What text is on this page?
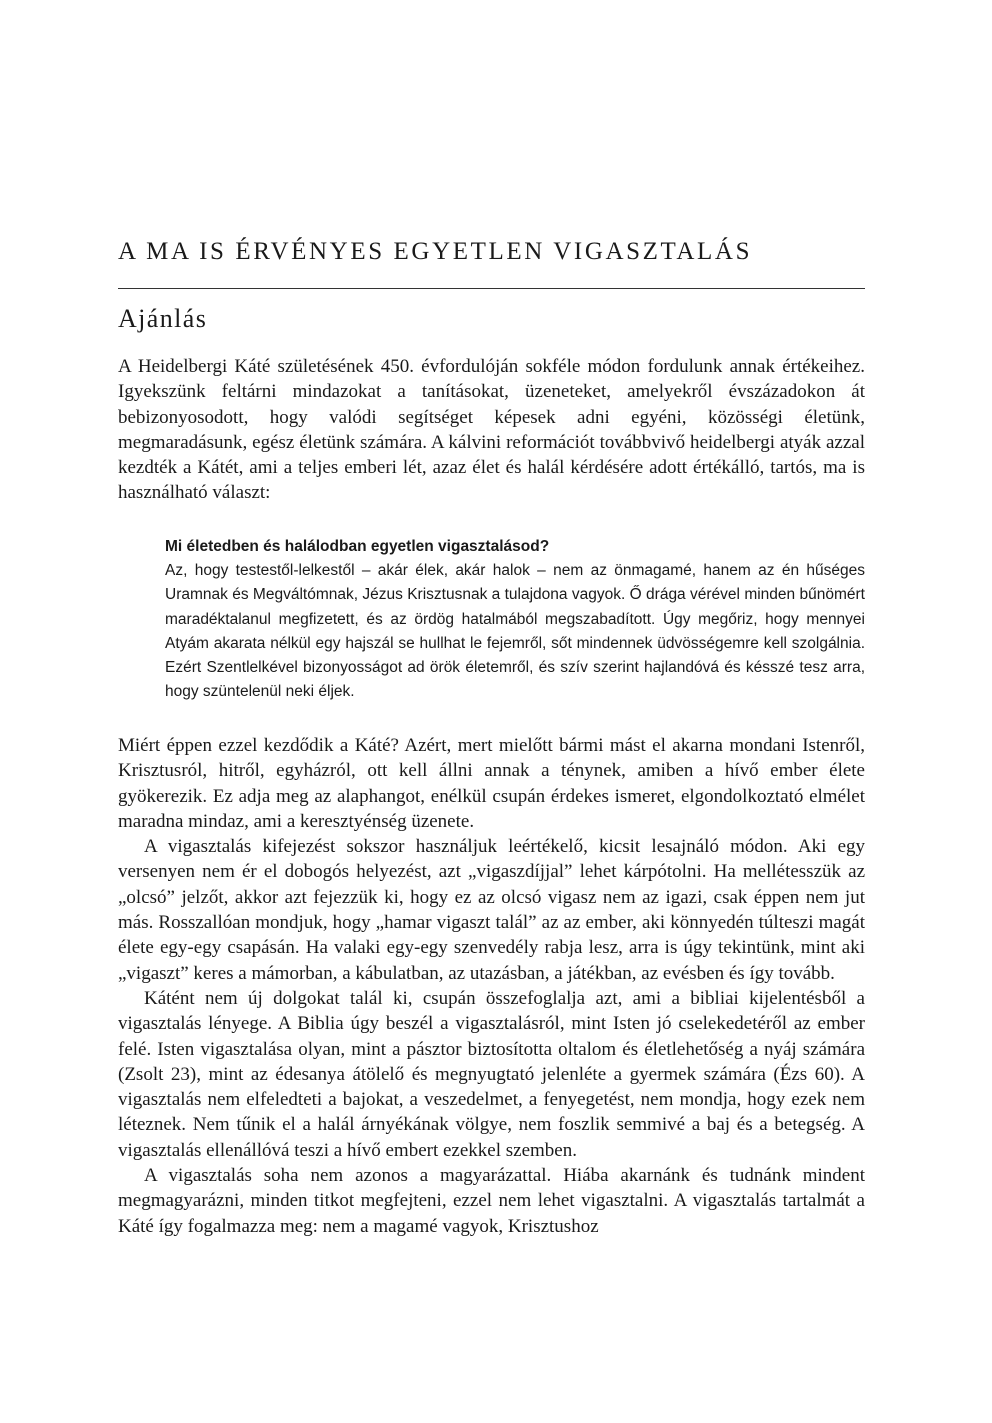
A MA IS ÉRVÉNYES EGYETLEN VIGASZTALÁS
Ajánlás

A Heidelbergi Káté születésének 450. évfordulóján sokféle módon fordulunk annak értékeihez. Igyekszünk feltárni mindazokat a tanításokat, üzeneteket, amelyekről évszázadokon át bebizonyosodott, hogy valódi segítséget képesek adni egyéni, közösségi életünk, megmaradásunk, egész életünk számára. A kálvini reformációt továbbvivő heidelbergi atyák azzal kezdték a Kátét, ami a teljes emberi lét, azaz élet és halál kérdésére adott értékálló, tartós, ma is használható választ:

Mi életedben és halálodban egyetlen vigasztalásod?

Az, hogy testestől-lelkestől – akár élek, akár halok – nem az önmagamé, hanem az én hűséges Uramnak és Megváltómnak, Jézus Krisztusnak a tulajdona vagyok. Ő drága vérével minden bűnömért maradéktalanul megfizetett, és az ördög hatalmából megszabadított. Úgy megőriz, hogy mennyei Atyám akarata nélkül egy hajszál se hullhat le fejemről, sőt mindennek üdvösségemre kell szolgálnia. Ezért Szentlelkével bizonyosságot ad örök életemről, és szív szerint hajlandóvá és késszé tesz arra, hogy szüntelenül neki éljek.

Miért éppen ezzel kezdődik a Káté? Azért, mert mielőtt bármi mást el akarna mondani Istenről, Krisztusról, hitről, egyházról, ott kell állni annak a ténynek, amiben a hívő ember élete gyökerezik. Ez adja meg az alaphangot, enélkül csupán érdekes ismeret, elgondolkoztató elmélet maradna mindaz, ami a keresztyénség üzenete.

A vigasztalás kifejezést sokszor használjuk leértékelő, kicsit lesajnáló módon. Aki egy versenyen nem ér el dobogós helyezést, azt „vigaszdíjjal” lehet kárpótolni. Ha mellétesszük az „olcsó” jelzőt, akkor azt fejezzük ki, hogy ez az olcsó vigasz nem az igazi, csak éppen nem jut más. Rosszallóan mondjuk, hogy „hamar vigaszt talál” az az ember, aki könnyedén túlteszi magát élete egy-egy csapásán. Ha valaki egy-egy szenvedély rabja lesz, arra is úgy tekintünk, mint aki „vigaszt” keres a mámorban, a kábulatban, az utazásban, a játékban, az evésben és így tovább.

Kátént nem új dolgokat talál ki, csupán összefoglalja azt, ami a bibliai kijelentésből a vigasztalás lényege. A Biblia úgy beszél a vigasztalásról, mint Isten jó cselekedetéről az ember felé. Isten vigasztalása olyan, mint a pásztor biztosította oltalom és életlehetőség a nyáj számára (Zsolt 23), mint az édesanya átölelő és megnyugtató jelenléte a gyermek számára (Ézs 60). A vigasztalás nem elfeledteti a bajokat, a veszedelmet, a fenyegetést, nem mondja, hogy ezek nem léteznek. Nem tűnik el a halál árnyékának völgye, nem foszlik semmivé a baj és a betegség. A vigasztalás ellenállóvá teszi a hívő embert ezekkel szemben.

A vigasztalás soha nem azonos a magyarázattal. Hiába akarnánk és tudnánk mindent megmagyarázni, minden titkot megfejteni, ezzel nem lehet vigasztalni. A vigasztalás tartalmát a Káté így fogalmazza meg: nem a magamé vagyok, Krisztushoz
